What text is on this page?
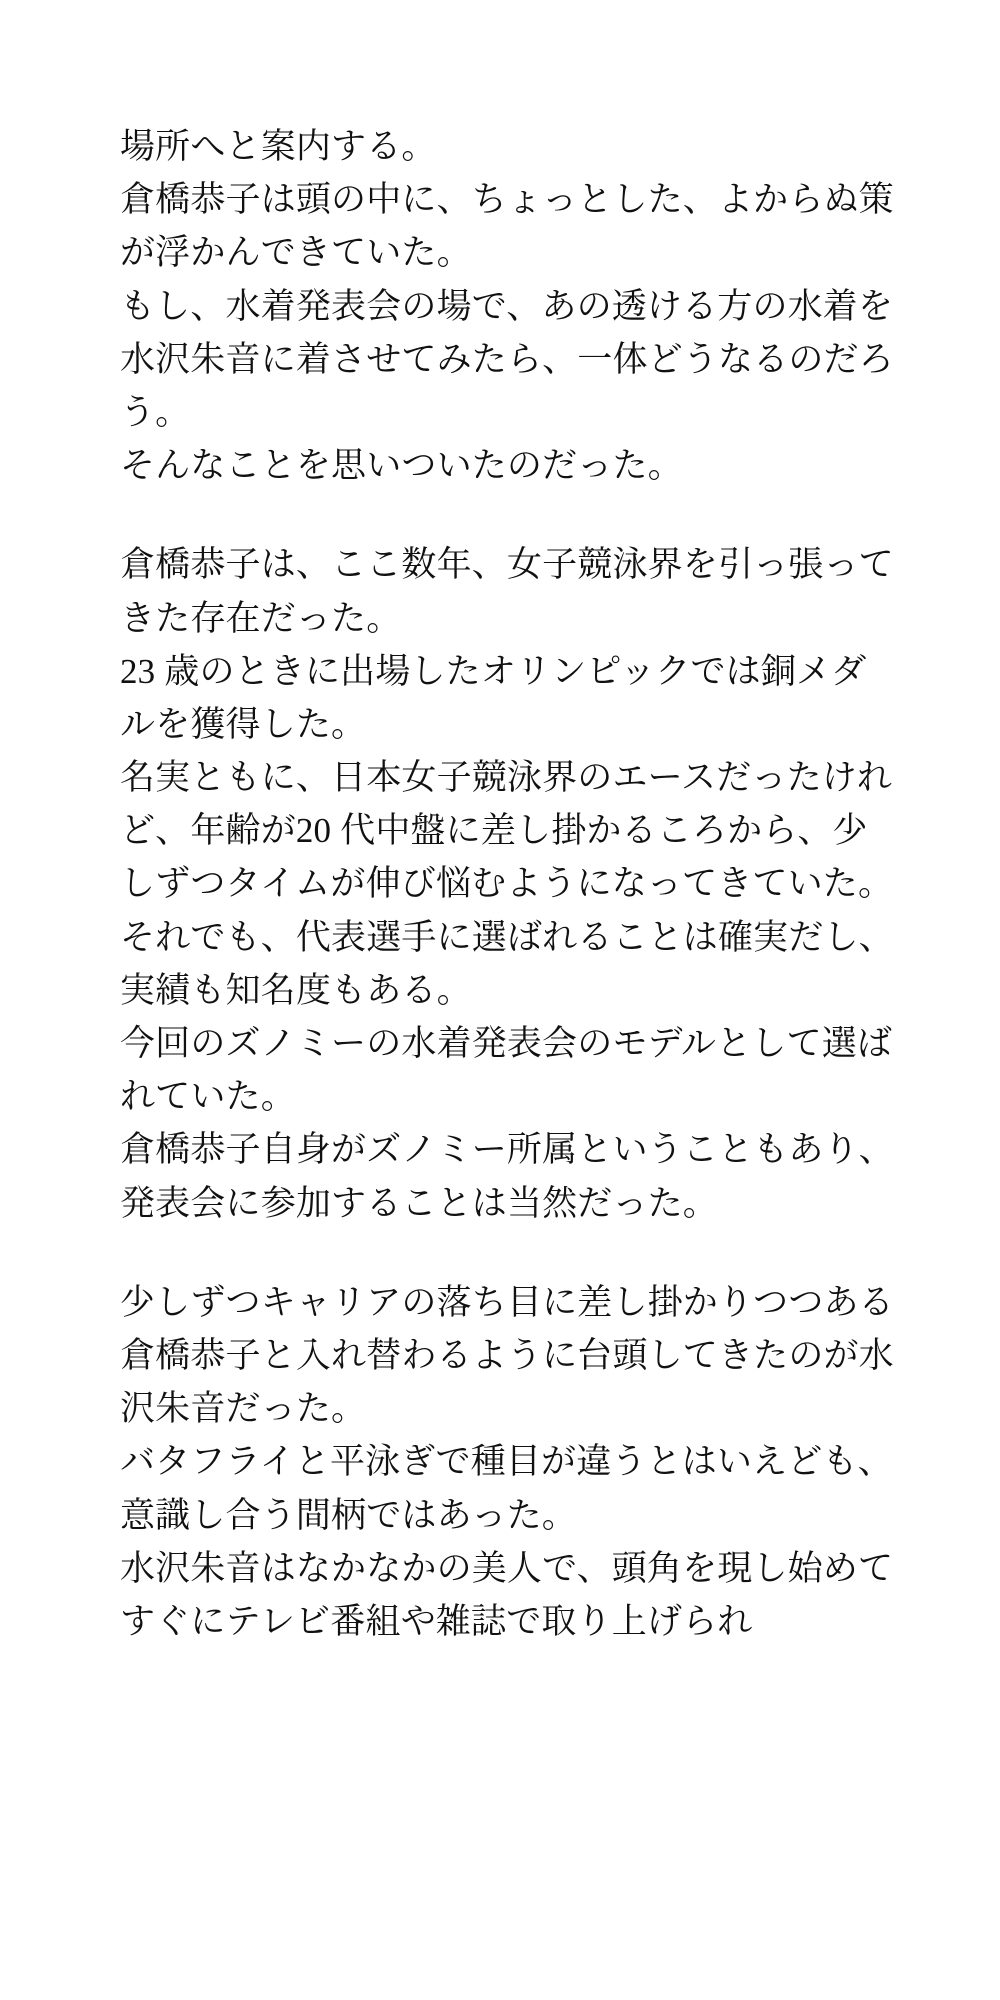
場所へと案内する。

倉橋恭子は頭の中に、ちょっとした、よからぬ策が浮かんできていた。

もし、水着発表会の場で、あの透ける方の水着を水沢朱音に着させてみたら、一体どうなるのだろう。

そんなことを思いついたのだった。

倉橋恭子は、ここ数年、女子競泳界を引っ張ってきた存在だった。

23 歳のときに出場したオリンピックでは銅メダルを獲得した。

名実ともに、日本女子競泳界のエースだったけれど、年齢が20 代中盤に差し掛かるころから、少しずつタイムが伸び悩むようになってきていた。

それでも、代表選手に選ばれることは確実だし、実績も知名度もある。

今回のズノミーの水着発表会のモデルとして選ばれていた。

倉橋恭子自身がズノミー所属ということもあり、発表会に参加することは当然だった。

少しずつキャリアの落ち目に差し掛かりつつある倉橋恭子と入れ替わるように台頭してきたのが水沢朱音だった。

バタフライと平泳ぎで種目が違うとはいえども、意識し合う間柄ではあった。

水沢朱音はなかなかの美人で、頭角を現し始めてすぐにテレビ番組や雑誌で取り上げられ
